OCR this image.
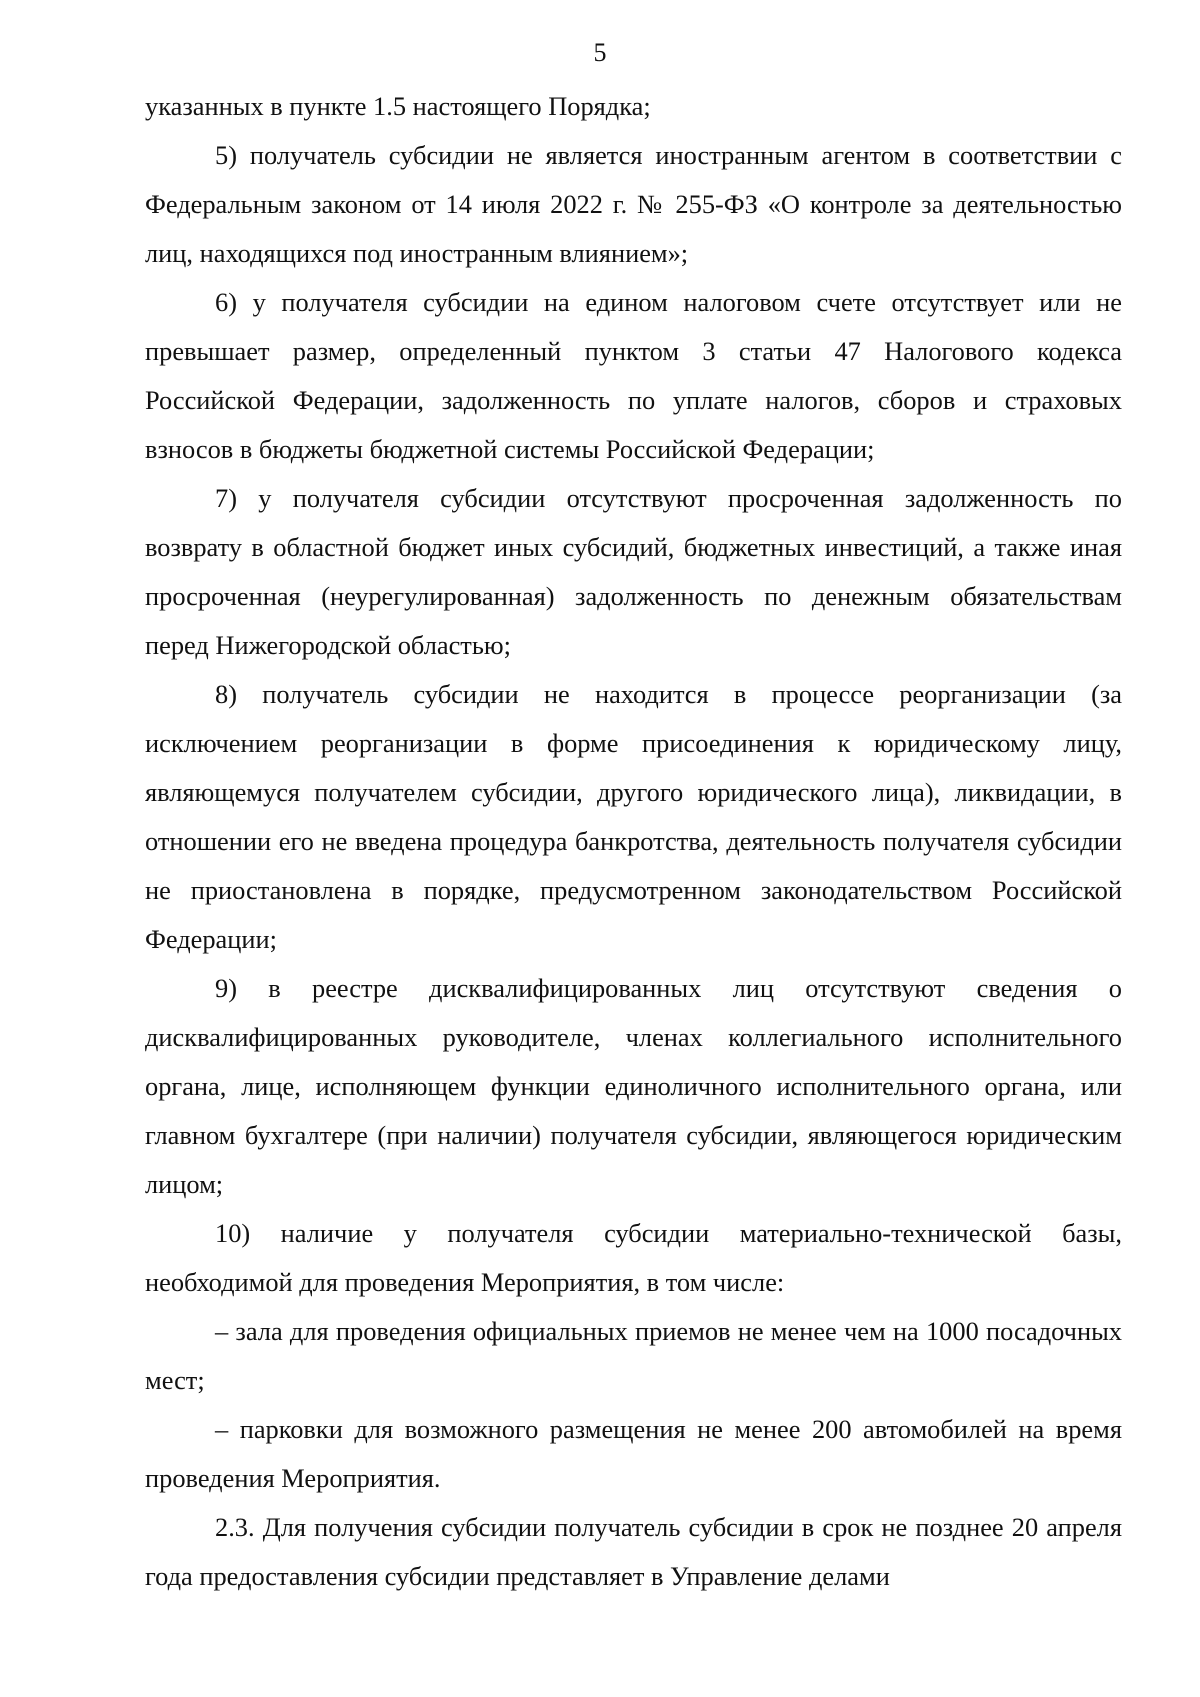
5

указанных в пункте 1.5 настоящего Порядка;

5) получатель субсидии не является иностранным агентом в соответствии с Федеральным законом от 14 июля 2022 г. № 255-ФЗ «О контроле за деятельностью лиц, находящихся под иностранным влиянием»;

6) у получателя субсидии на едином налоговом счете отсутствует или не превышает размер, определенный пунктом 3 статьи 47 Налогового кодекса Российской Федерации, задолженность по уплате налогов, сборов и страховых взносов в бюджеты бюджетной системы Российской Федерации;

7) у получателя субсидии отсутствуют просроченная задолженность по возврату в областной бюджет иных субсидий, бюджетных инвестиций, а также иная просроченная (неурегулированная) задолженность по денежным обязательствам перед Нижегородской областью;

8) получатель субсидии не находится в процессе реорганизации (за исключением реорганизации в форме присоединения к юридическому лицу, являющемуся получателем субсидии, другого юридического лица), ликвидации, в отношении его не введена процедура банкротства, деятельность получателя субсидии не приостановлена в порядке, предусмотренном законодательством Российской Федерации;

9) в реестре дисквалифицированных лиц отсутствуют сведения о дисквалифицированных руководителе, членах коллегиального исполнительного органа, лице, исполняющем функции единоличного исполнительного органа, или главном бухгалтере (при наличии) получателя субсидии, являющегося юридическим лицом;

10) наличие у получателя субсидии материально-технической базы, необходимой для проведения Мероприятия, в том числе:

– зала для проведения официальных приемов не менее чем на 1000 посадочных мест;

– парковки для возможного размещения не менее 200 автомобилей на время проведения Мероприятия.

2.3. Для получения субсидии получатель субсидии в срок не позднее 20 апреля года предоставления субсидии представляет в Управление делами
